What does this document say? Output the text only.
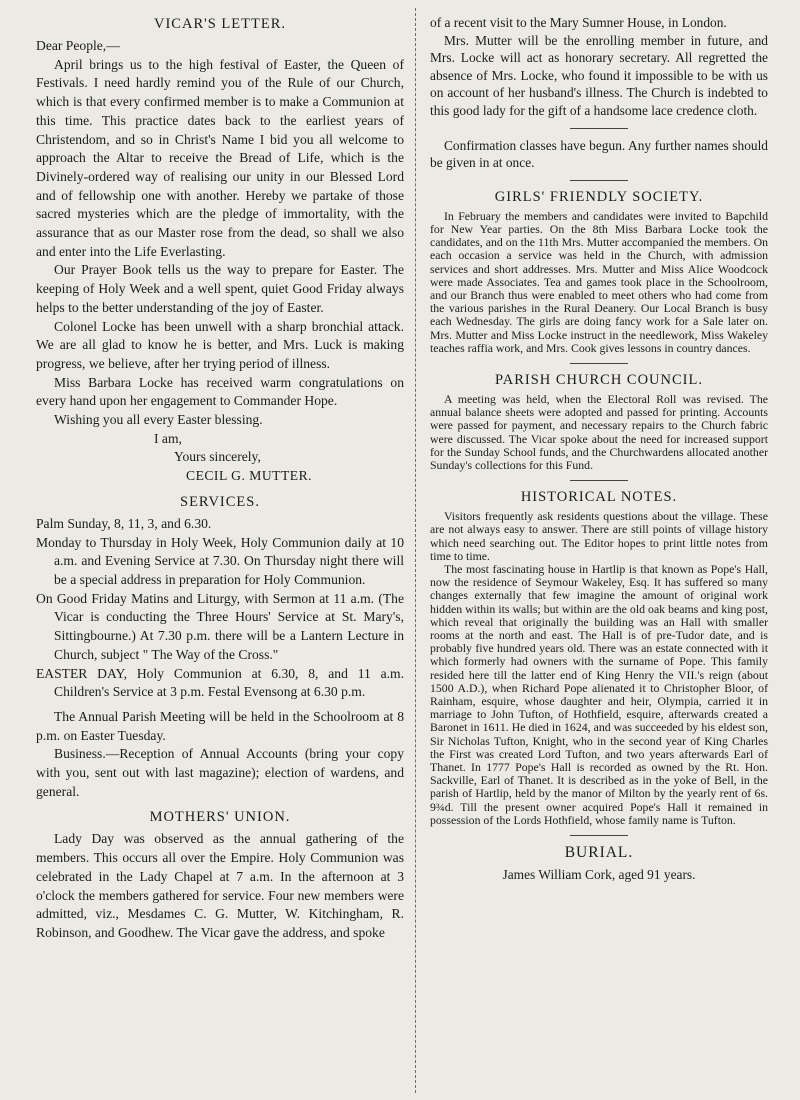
VICAR'S LETTER.

Dear People,—

April brings us to the high festival of Easter, the Queen of Festivals. I need hardly remind you of the Rule of our Church, which is that every confirmed member is to make a Communion at this time. This practice dates back to the earliest years of Christendom, and so in Christ's Name I bid you all welcome to approach the Altar to receive the Bread of Life, which is the Divinely-ordered way of realising our unity in our Blessed Lord and of fellowship one with another. Hereby we partake of those sacred mysteries which are the pledge of immortality, with the assurance that as our Master rose from the dead, so shall we also and enter into the Life Everlasting.

Our Prayer Book tells us the way to prepare for Easter. The keeping of Holy Week and a well spent, quiet Good Friday always helps to the better understanding of the joy of Easter.

Colonel Locke has been unwell with a sharp bronchial attack. We are all glad to know he is better, and Mrs. Luck is making progress, we believe, after her trying period of illness.

Miss Barbara Locke has received warm congratulations on every hand upon her engagement to Commander Hope.

Wishing you all every Easter blessing.

I am,

Yours sincerely,

CECIL G. MUTTER.

SERVICES.

Palm Sunday, 8, 11, 3, and 6.30.

Monday to Thursday in Holy Week, Holy Communion daily at 10 a.m. and Evening Service at 7.30. On Thursday night there will be a special address in preparation for Holy Communion.

On Good Friday Matins and Liturgy, with Sermon at 11 a.m. (The Vicar is conducting the Three Hours' Service at St. Mary's, Sittingbourne.) At 7.30 p.m. there will be a Lantern Lecture in Church, subject " The Way of the Cross."

EASTER DAY, Holy Communion at 6.30, 8, and 11 a.m. Children's Service at 3 p.m. Festal Evensong at 6.30 p.m.

The Annual Parish Meeting will be held in the Schoolroom at 8 p.m. on Easter Tuesday.

Business.—Reception of Annual Accounts (bring your copy with you, sent out with last magazine); election of wardens, and general.

MOTHERS' UNION.

Lady Day was observed as the annual gathering of the members. This occurs all over the Empire. Holy Communion was celebrated in the Lady Chapel at 7 a.m. In the afternoon at 3 o'clock the members gathered for service. Four new members were admitted, viz., Mesdames C. G. Mutter, W. Kitchingham, R. Robinson, and Goodhew. The Vicar gave the address, and spoke

of a recent visit to the Mary Sumner House, in London.

Mrs. Mutter will be the enrolling member in future, and Mrs. Locke will act as honorary secretary. All regretted the absence of Mrs. Locke, who found it impossible to be with us on account of her husband's illness. The Church is indebted to this good lady for the gift of a handsome lace credence cloth.

Confirmation classes have begun. Any further names should be given in at once.

GIRLS' FRIENDLY SOCIETY.

In February the members and candidates were invited to Bapchild for New Year parties. On the 8th Miss Barbara Locke took the candidates, and on the 11th Mrs. Mutter accompanied the members. On each occasion a service was held in the Church, with admission services and short addresses. Mrs. Mutter and Miss Alice Woodcock were made Associates. Tea and games took place in the Schoolroom, and our Branch thus were enabled to meet others who had come from the various parishes in the Rural Deanery. Our Local Branch is busy each Wednesday. The girls are doing fancy work for a Sale later on. Mrs. Mutter and Miss Locke instruct in the needlework, Miss Wakeley teaches raffia work, and Mrs. Cook gives lessons in country dances.

PARISH CHURCH COUNCIL.

A meeting was held, when the Electoral Roll was revised. The annual balance sheets were adopted and passed for printing. Accounts were passed for payment, and necessary repairs to the Church fabric were discussed. The Vicar spoke about the need for increased support for the Sunday School funds, and the Churchwardens allocated another Sunday's collections for this Fund.

HISTORICAL NOTES.

Visitors frequently ask residents questions about the village. These are not always easy to answer. There are still points of village history which need searching out. The Editor hopes to print little notes from time to time.

The most fascinating house in Hartlip is that known as Pope's Hall, now the residence of Seymour Wakeley, Esq. It has suffered so many changes externally that few imagine the amount of original work hidden within its walls; but within are the old oak beams and king post, which reveal that originally the building was an Hall with smaller rooms at the north and east. The Hall is of pre-Tudor date, and is probably five hundred years old. There was an estate connected with it which formerly had owners with the surname of Pope. This family resided here till the latter end of King Henry the VII.'s reign (about 1500 A.D.), when Richard Pope alienated it to Christopher Bloor, of Rainham, esquire, whose daughter and heir, Olympia, carried it in marriage to John Tufton, of Hothfield, esquire, afterwards created a Baronet in 1611. He died in 1624, and was succeeded by his eldest son, Sir Nicholas Tufton, Knight, who in the second year of King Charles the First was created Lord Tufton, and two years afterwards Earl of Thanet. In 1777 Pope's Hall is recorded as owned by the Rt. Hon. Sackville, Earl of Thanet. It is described as in the yoke of Bell, in the parish of Hartlip, held by the manor of Milton by the yearly rent of 6s. 9¾d. Till the present owner acquired Pope's Hall it remained in possession of the Lords Hothfield, whose family name is Tufton.

BURIAL.

James William Cork, aged 91 years.
